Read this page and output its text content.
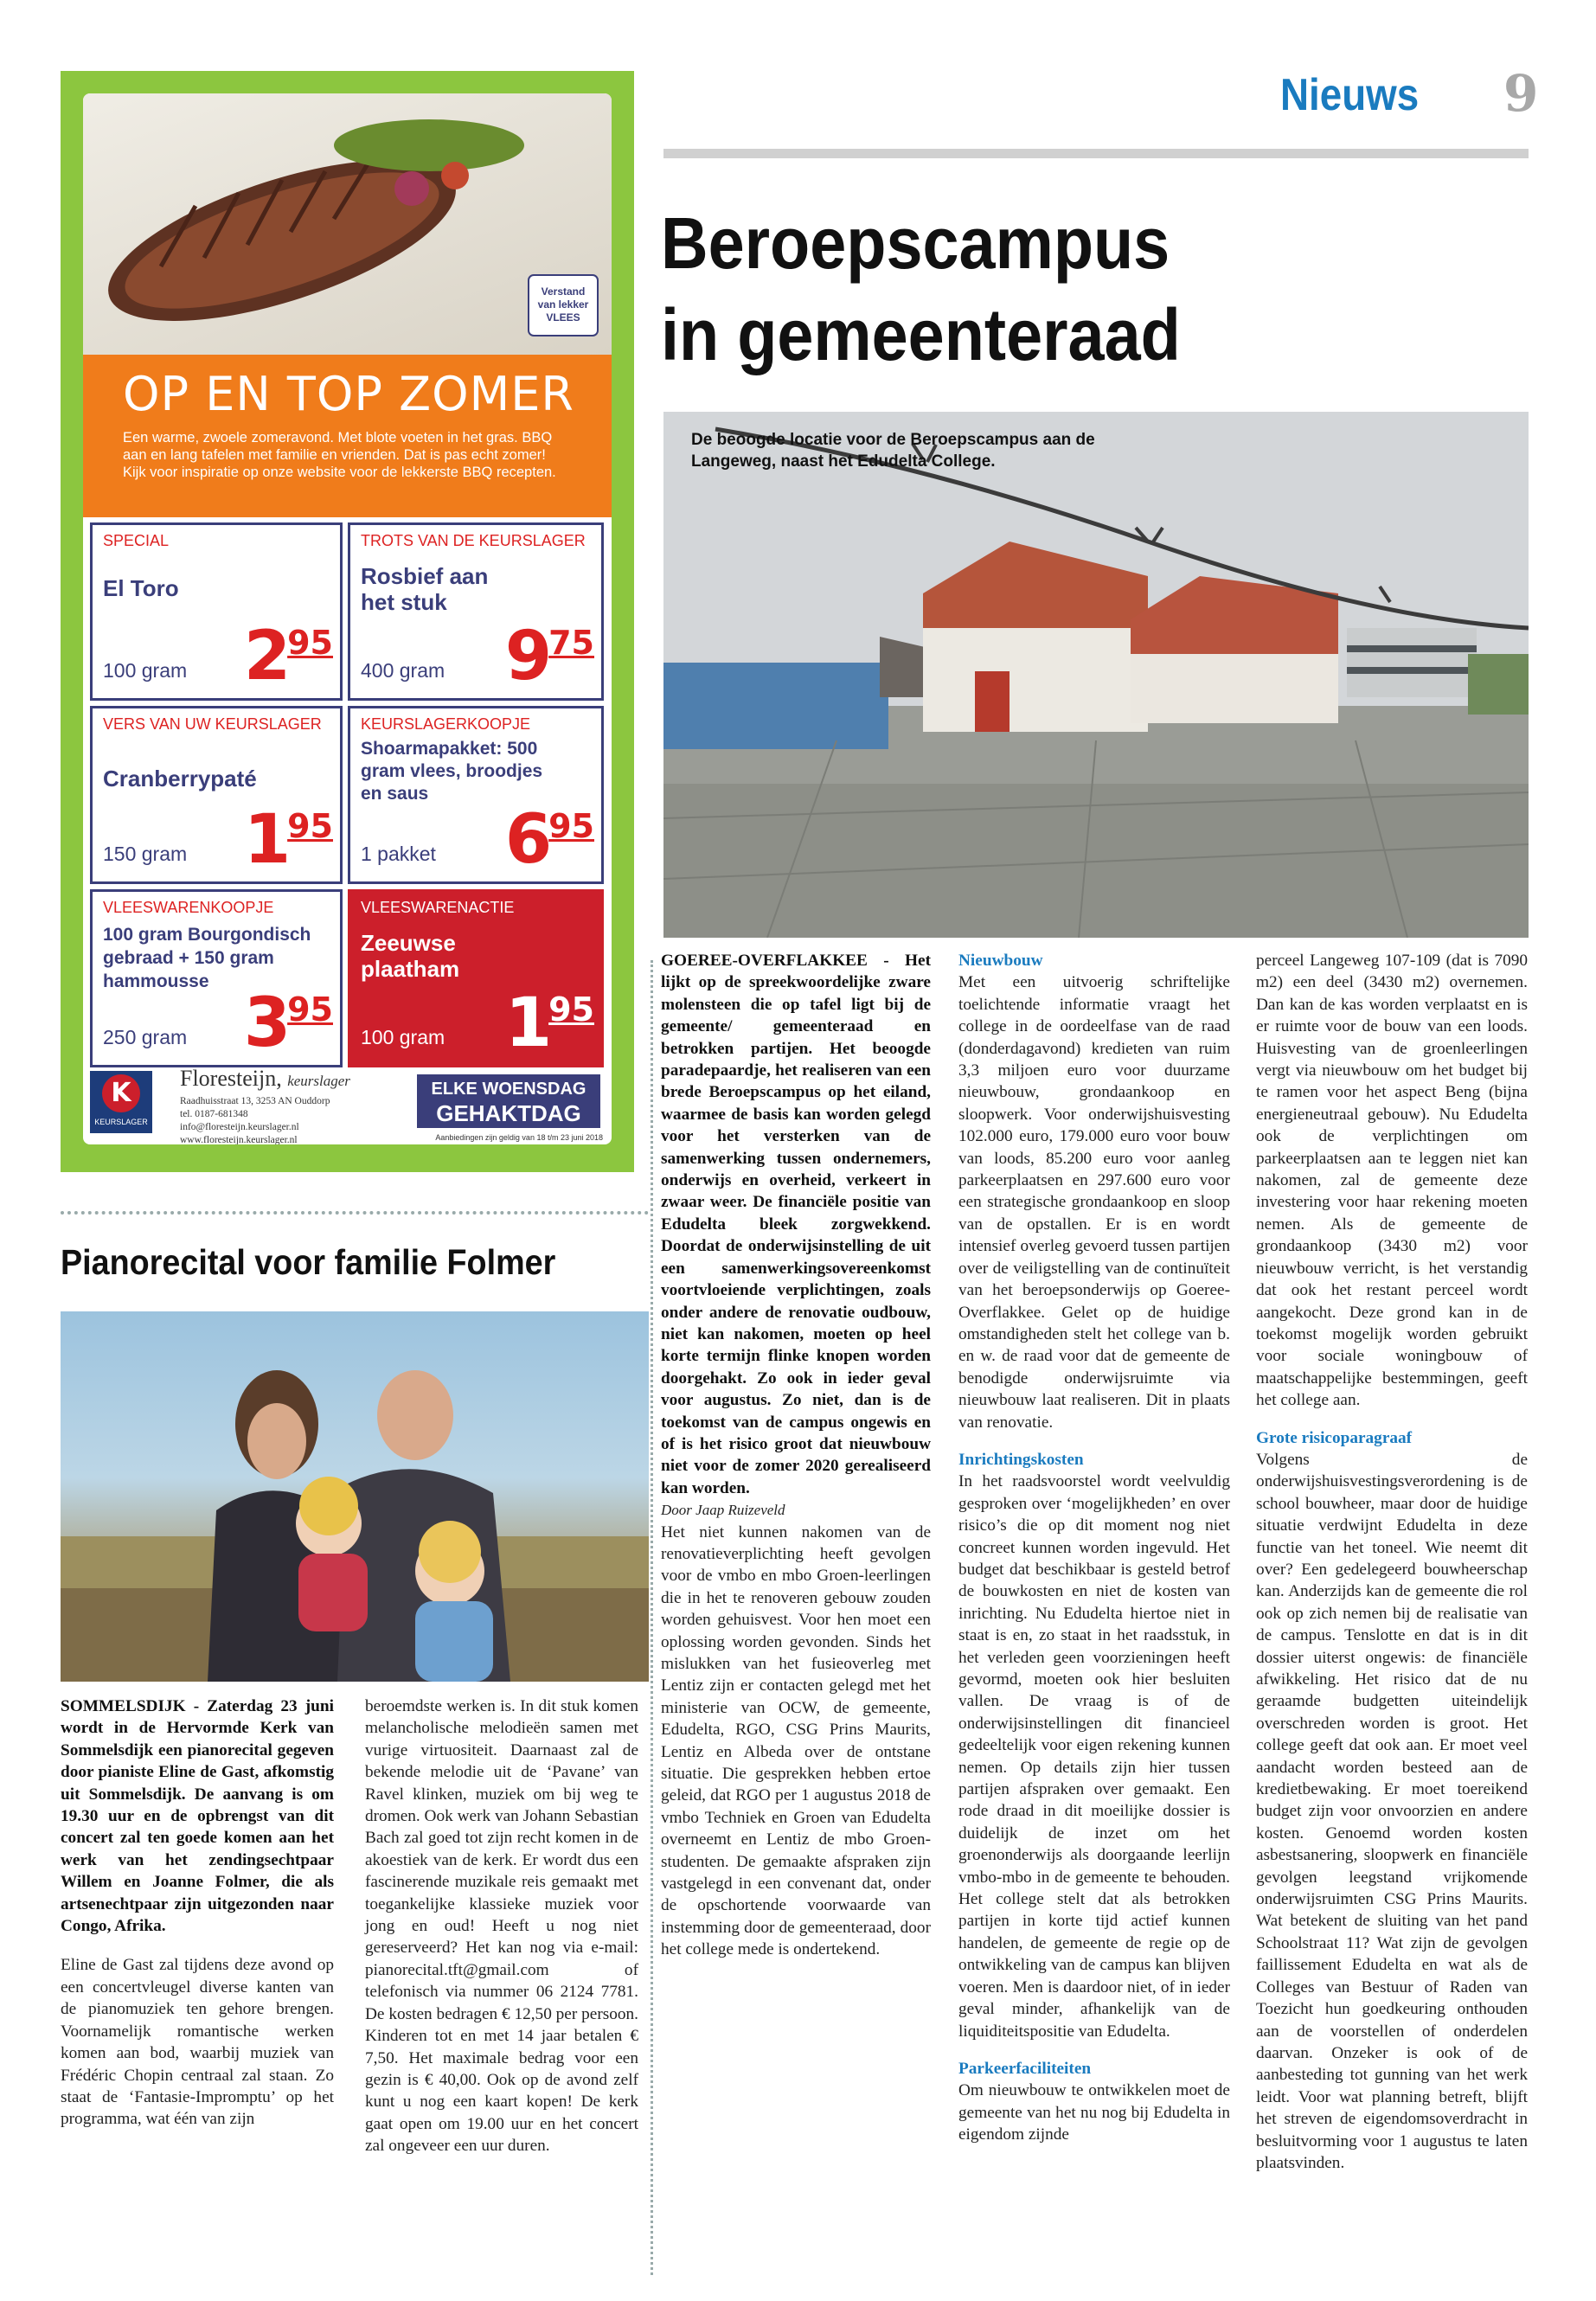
Nieuws 9
Beroepscampus
in gemeenteraad
De beoogde locatie voor de Beroepscampus aan de Langeweg, naast het Edudelta College.
Verstand van lekker VLEES
OP EN TOP ZOMER
Een warme, zwoele zomeravond. Met blote voeten in het gras. BBQ aan en lang tafelen met familie en vrienden. Dat is pas echt zomer! Kijk voor inspiratie op onze website voor de lekkerste BBQ recepten.
SPECIAL
El Toro
100 gram $2^{95}$
TROTS VAN DE KEURSLAGER
Rosbief aan het stuk
400 gram $9^{75}$
VERS VAN UW KEURSLAGER
Cranberrypaté
150 gram $1^{95}$
KEURSLAGERKOOPJE
Shoarmapakket: 500 gram vlees, broodjes en saus
1 pakket $6^{95}$
VLEESWARENKOOPJE
100 gram Bourgondisch gebraad + 150 gram hammousse
250 gram $3^{95}$
VLEESWARENACTIE
Zeeuwse plaatham
100 gram $1^{95}$
K
KEURSLAGER
Floresteijn, keurslager
Raadhuisstraat 13, 3253 AN Ouddorp
tel. 0187-681348
info@floresteijn.keurslager.nl
www.floresteijn.keurslager.nl
ELKE WOENSDAG
GEHAKTDAG
Aanbiedingen zijn geldig van 18 t/m 23 juni 2018
Pianorecital voor familie Folmer

SOMMELSDIJK - Zaterdag 23 juni wordt in de Hervormde Kerk van Sommelsdijk een pianorecital gegeven door pianiste Eline de Gast, afkomstig uit Sommelsdijk. De aanvang is om 19.30 uur en de opbrengst van dit concert zal ten goede komen aan het werk van het zendingsechtpaar Willem en Joanne Folmer, die als artsenechtpaar zijn uitgezonden naar Congo, Afrika.

Eline de Gast zal tijdens deze avond op een concertvleugel diverse kanten van de pianomuziek ten gehore brengen. Voornamelijk romantische werken komen aan bod, waarbij muziek van Frédéric Chopin centraal zal staan. Zo staat de ‘Fantasie-Impromptu’ op het programma, wat één van zijn

beroemdste werken is. In dit stuk komen melancholische melodieën samen met vurige virtuositeit. Daarnaast zal de bekende melodie uit de ‘Pavane’ van Ravel klinken, muziek om bij weg te dromen. Ook werk van Johann Sebastian Bach zal goed tot zijn recht komen in de akoestiek van de kerk. Er wordt dus een fascinerende muzikale reis gemaakt met toegankelijke klassieke muziek voor jong en oud! Heeft u nog niet gereserveerd? Het kan nog via e-mail: pianorecital.tft@gmail.com of telefonisch via nummer 06 2124 7781. De kosten bedragen € 12,50 per persoon. Kinderen tot en met 14 jaar betalen € 7,50. Het maximale bedrag voor een gezin is € 40,00. Ook op de avond zelf kunt u nog een kaart kopen! De kerk gaat open om 19.00 uur en het concert zal ongeveer een uur duren.

GOEREE-OVERFLAKKEE - Het lijkt op de spreekwoordelijke zware molensteen die op tafel ligt bij de gemeente/ gemeenteraad en betrokken partijen. Het beoogde paradepaardje, het realiseren van een brede Beroepscampus op het eiland, waarmee de basis kan worden gelegd voor het versterken van de samenwerking tussen ondernemers, onderwijs en overheid, verkeert in zwaar weer. De financiële positie van Edudelta bleek zorgwekkend. Doordat de onderwijsinstelling de uit een samenwerkingsovereenkomst voortvloeiende verplichtingen, zoals onder andere de renovatie oudbouw, niet kan nakomen, moeten op heel korte termijn flinke knopen worden doorgehakt. Zo ook in ieder geval voor augustus. Zo niet, dan is de toekomst van de campus ongewis en of is het risico groot dat nieuwbouw niet voor de zomer 2020 gerealiseerd kan worden.

Door Jaap Ruizeveld

Het niet kunnen nakomen van de renovatieverplichting heeft gevolgen voor de vmbo en mbo Groen-leerlingen die in het te renoveren gebouw zouden worden gehuisvest. Voor hen moet een oplossing worden gevonden. Sinds het mislukken van het fusieoverleg met Lentiz zijn er contacten gelegd met het ministerie van OCW, de gemeente, Edudelta, RGO, CSG Prins Maurits, Lentiz en Albeda over de ontstane situatie. Die gesprekken hebben ertoe geleid, dat RGO per 1 augustus 2018 de vmbo Techniek en Groen van Edudelta overneemt en Lentiz de mbo Groen-studenten. De gemaakte afspraken zijn vastgelegd in een convenant dat, onder de opschortende voorwaarde van instemming door de gemeenteraad, door het college mede is ondertekend.

Nieuwbouw

Met een uitvoerig schriftelijke toelichtende informatie vraagt het college in de oordeelfase van de raad (donderdagavond) kredieten van ruim 3,3 miljoen euro voor duurzame nieuwbouw, grondaankoop en sloopwerk. Voor onderwijshuisvesting 102.000 euro, 179.000 euro voor bouw van loods, 85.200 euro voor aanleg parkeerplaatsen en 297.600 euro voor een strategische grondaankoop en sloop van de opstallen. Er is en wordt intensief overleg gevoerd tussen partijen over de veiligstelling van de continuïteit van het beroepsonderwijs op Goeree-Overflakkee. Gelet op de huidige omstandigheden stelt het college van b. en w. de raad voor dat de gemeente de benodigde onderwijsruimte via nieuwbouw laat realiseren. Dit in plaats van renovatie.

Inrichtingskosten

In het raadsvoorstel wordt veelvuldig gesproken over ‘mogelijkheden’ en over risico’s die op dit moment nog niet concreet kunnen worden ingevuld. Het budget dat beschikbaar is gesteld betrof de bouwkosten en niet de kosten van inrichting. Nu Edudelta hiertoe niet in staat is en, zo staat in het raadsstuk, in het verleden geen voorzieningen heeft gevormd, moeten ook hier besluiten vallen. De vraag is of de onderwijsinstellingen dit financieel gedeeltelijk voor eigen rekening kunnen nemen. Op details zijn hier tussen partijen afspraken over gemaakt. Een rode draad in dit moeilijke dossier is duidelijk de inzet om het groenonderwijs als doorgaande leerlijn vmbo-mbo in de gemeente te behouden. Het college stelt dat als betrokken partijen in korte tijd actief kunnen handelen, de gemeente de regie op de ontwikkeling van de campus kan blijven voeren. Men is daardoor niet, of in ieder geval minder, afhankelijk van de liquiditeitspositie van Edudelta.

Parkeerfaciliteiten

Om nieuwbouw te ontwikkelen moet de gemeente van het nu nog bij Edudelta in eigendom zijnde

perceel Langeweg 107-109 (dat is 7090 m2) een deel (3430 m2) overnemen. Dan kan de kas worden verplaatst en is er ruimte voor de bouw van een loods. Huisvesting van de groenleerlingen vergt via nieuwbouw om het budget bij te ramen voor het aspect Beng (bijna energieneutraal gebouw). Nu Edudelta ook de verplichtingen om parkeerplaatsen aan te leggen niet kan nakomen, zal de gemeente deze investering voor haar rekening moeten nemen. Als de gemeente de grondaankoop (3430 m2) voor nieuwbouw verricht, is het verstandig dat ook het restant perceel wordt aangekocht. Deze grond kan in de toekomst mogelijk worden gebruikt voor sociale woningbouw of maatschappelijke bestemmingen, geeft het college aan.

Grote risicoparagraaf

Volgens de onderwijshuisvestingsverordening is de school bouwheer, maar door de huidige situatie verdwijnt Edudelta in deze functie van het toneel. Wie neemt dit over? Een gedelegeerd bouwheerschap kan. Anderzijds kan de gemeente die rol ook op zich nemen bij de realisatie van de campus. Tenslotte en dat is in dit dossier uiterst ongewis: de financiële afwikkeling. Het risico dat de nu geraamde budgetten uiteindelijk overschreden worden is groot. Het college geeft dat ook aan. Er moet veel aandacht worden besteed aan de kredietbewaking. Er moet toereikend budget zijn voor onvoorzien en andere kosten. Genoemd worden kosten asbestsanering, sloopwerk en financiële gevolgen leegstand vrijkomende onderwijsruimten CSG Prins Maurits. Wat betekent de sluiting van het pand Schoolstraat 11? Wat zijn de gevolgen faillissement Edudelta en wat als de Colleges van Bestuur of Raden van Toezicht hun goedkeuring onthouden aan de voorstellen of onderdelen daarvan. Onzeker is ook of de aanbesteding tot gunning van het werk leidt. Voor wat planning betreft, blijft het streven de eigendomsoverdracht in besluitvorming voor 1 augustus te laten plaatsvinden.
